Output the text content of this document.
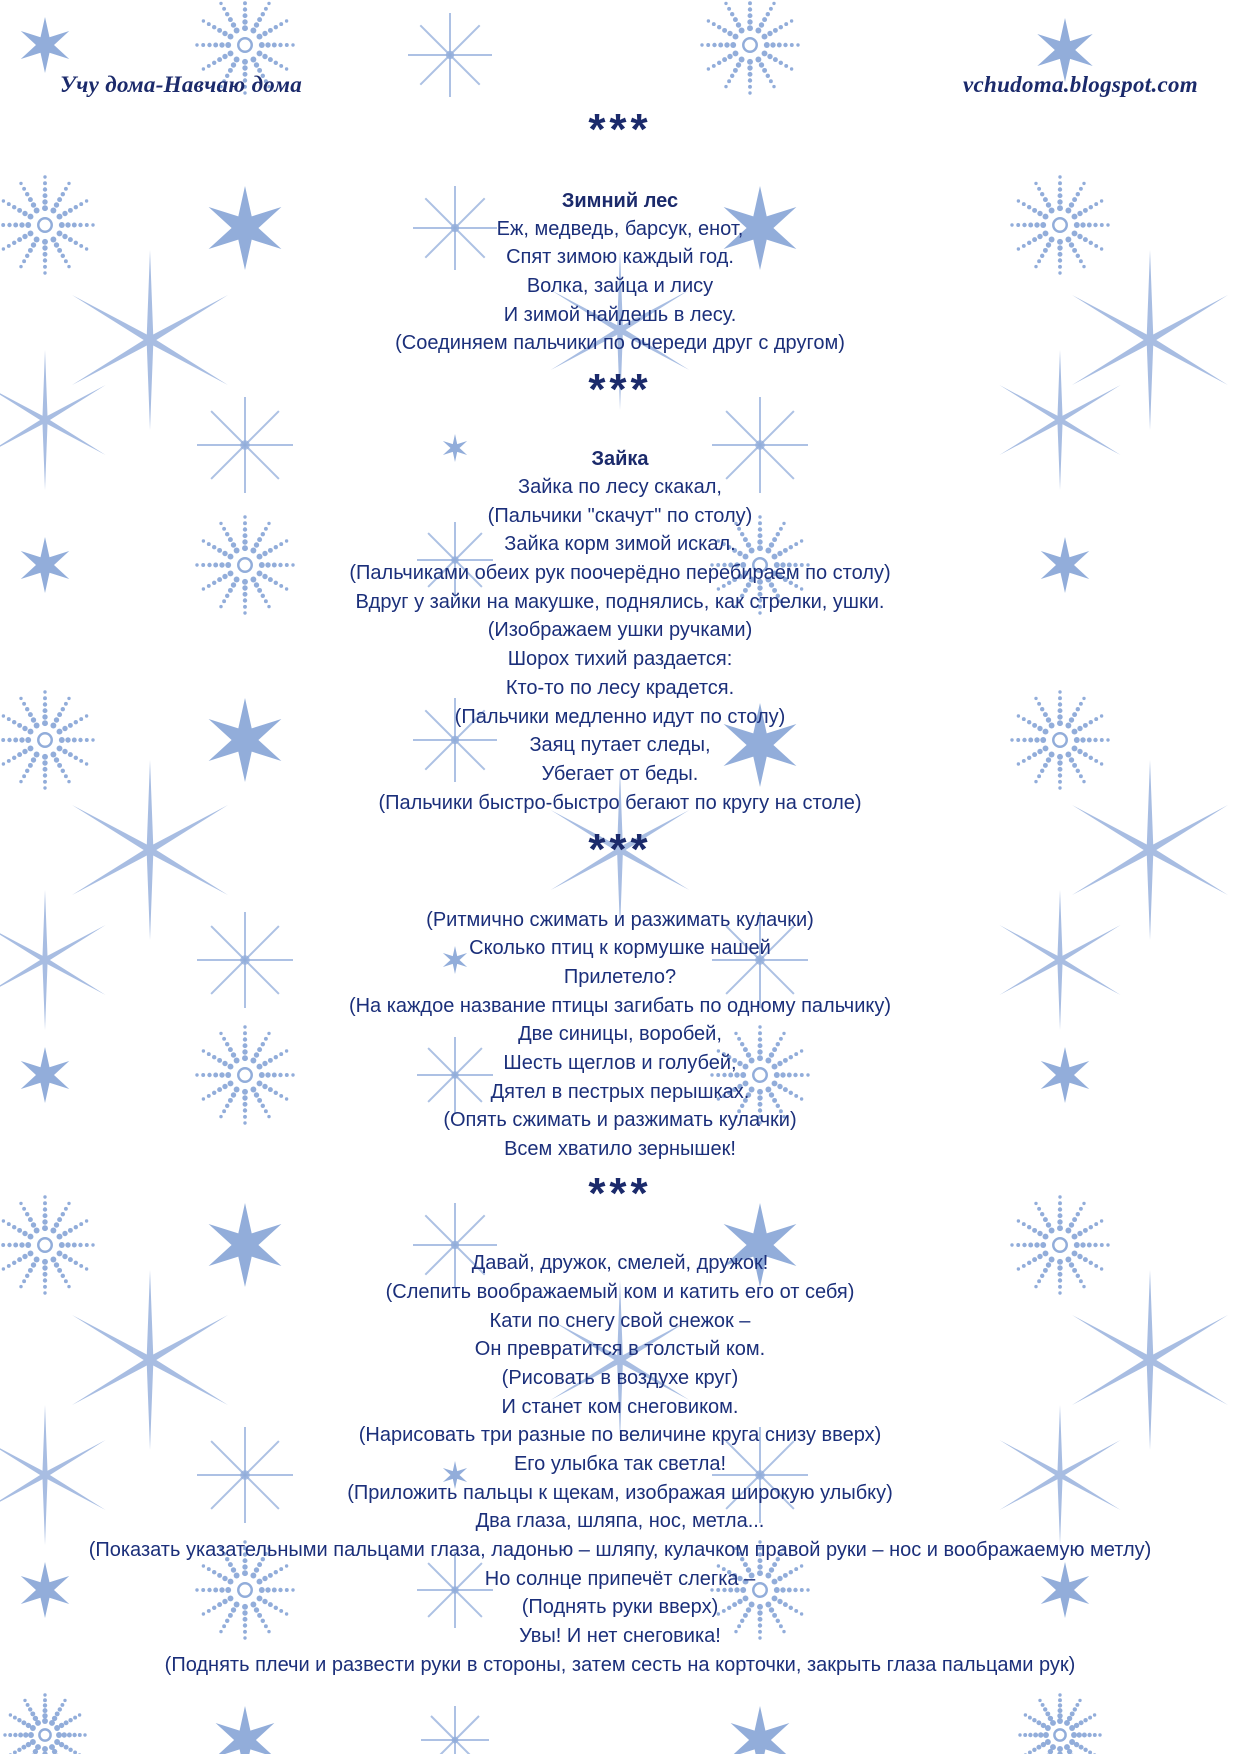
Учу дома-Навчаю дома	vchudoma.blogspot.com
***
Зимний лес
Еж, медведь, барсук, енот,
Спят зимою каждый год.
Волка, зайца и лису
И зимой найдешь в лесу.
(Соединяем пальчики по очереди друг с другом)
***
Зайка
Зайка по лесу скакал,
(Пальчики "скачут" по столу)
Зайка корм зимой искал.
(Пальчиками обеих рук поочерёдно перебираем по столу)
Вдруг у зайки на макушке, поднялись, как стрелки, ушки.
(Изображаем ушки ручками)
Шорох тихий раздается:
Кто-то по лесу крадется.
(Пальчики медленно идут по столу)
Заяц путает следы,
Убегает от беды.
(Пальчики быстро-быстро бегают по кругу на столе)
***
(Ритмично сжимать и разжимать кулачки)
Сколько птиц к кормушке нашей
Прилетело?
(На каждое название птицы загибать по одному пальчику)
Две синицы, воробей,
Шесть щеглов и голубей,
Дятел в пестрых перышках.
(Опять сжимать и разжимать кулачки)
Всем хватило зернышек!
***
Давай, дружок, смелей, дружок!
(Слепить воображаемый ком и катить его от себя)
Кати по снегу свой снежок –
Он превратится в толстый ком.
(Рисовать в воздухе круг)
И станет ком снеговиком.
(Нарисовать три разные по величине круга снизу вверх)
Его улыбка так светла!
(Приложить пальцы к щекам, изображая широкую улыбку)
Два глаза, шляпа, нос, метла...
(Показать указательными пальцами глаза, ладонью – шляпу, кулачком правой руки – нос и воображаемую метлу)
Но солнце припечёт слегка –
(Поднять руки вверх)
Увы! И нет снеговика!
(Поднять плечи и развести руки в стороны, затем сесть на корточки, закрыть глаза пальцами рук)
